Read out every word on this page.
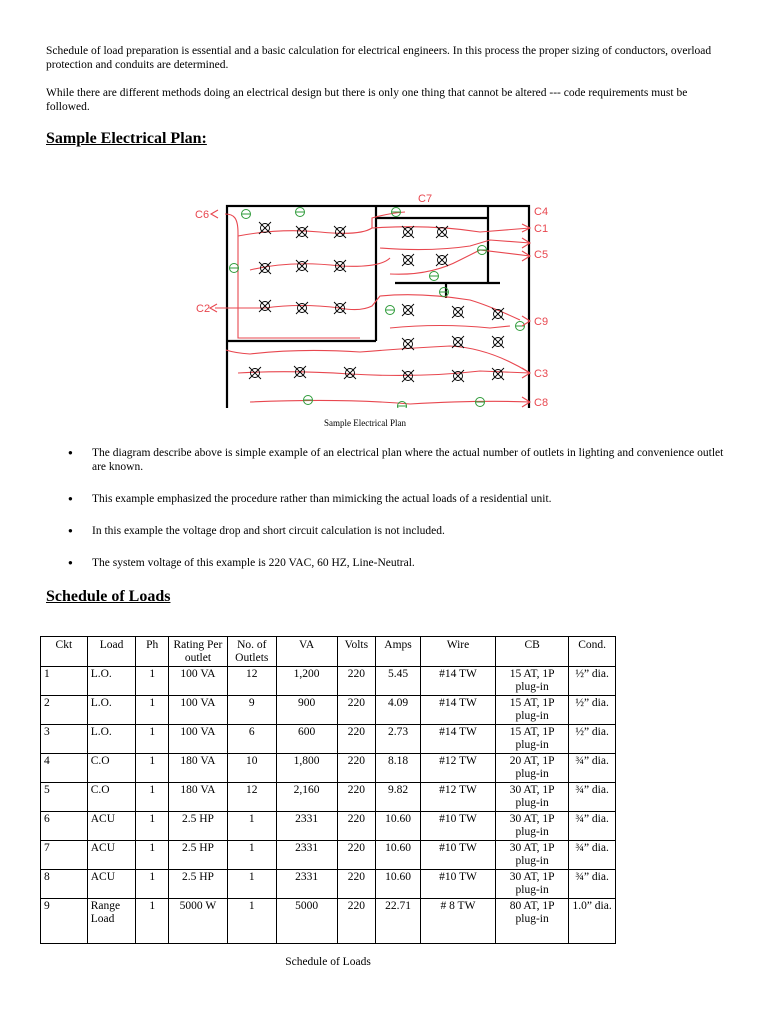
Schedule of load preparation is essential and a basic calculation for electrical engineers. In this process the proper sizing of conductors, overload protection and conduits are determined.

While there are different methods doing an electrical design but there is only one thing that cannot be altered --- code requirements must be followed.

Sample Electrical Plan:
C6
C2
C7
C4
C1
C5
C9
C3
C8
Sample Electrical Plan
● The diagram describe above is simple example of an electrical plan where the actual number of outlets in lighting and convenience outlet are known.
● This example emphasized the procedure rather than mimicking the actual loads of a residential unit.
● In this example the voltage drop and short circuit calculation is not included.
● The system voltage of this example is 220 VAC, 60 HZ, Line-Neutral.
Schedule of Loads
Ckt	Load	Ph	Rating Per outlet	No. of Outlets	VA	Volts	Amps	Wire	CB	Cond.
1	L.O.	1	100 VA	12	1,200	220	5.45	#14 TW	15 AT, 1P plug-in	½” dia.
2	L.O.	1	100 VA	9	900	220	4.09	#14 TW	15 AT, 1P plug-in	½” dia.
3	L.O.	1	100 VA	6	600	220	2.73	#14 TW	15 AT, 1P plug-in	½” dia.
4	C.O	1	180 VA	10	1,800	220	8.18	#12 TW	20 AT, 1P plug-in	¾” dia.
5	C.O	1	180 VA	12	2,160	220	9.82	#12 TW	30 AT, 1P plug-in	¾” dia.
6	ACU	1	2.5 HP	1	2331	220	10.60	#10 TW	30 AT, 1P plug-in	¾” dia.
7	ACU	1	2.5 HP	1	2331	220	10.60	#10 TW	30 AT, 1P plug-in	¾” dia.
8	ACU	1	2.5 HP	1	2331	220	10.60	#10 TW	30 AT, 1P plug-in	¾” dia.
9	Range Load	1	5000 W	1	5000	220	22.71	# 8 TW	80 AT, 1P plug-in	1.0” dia.
Schedule of Loads
